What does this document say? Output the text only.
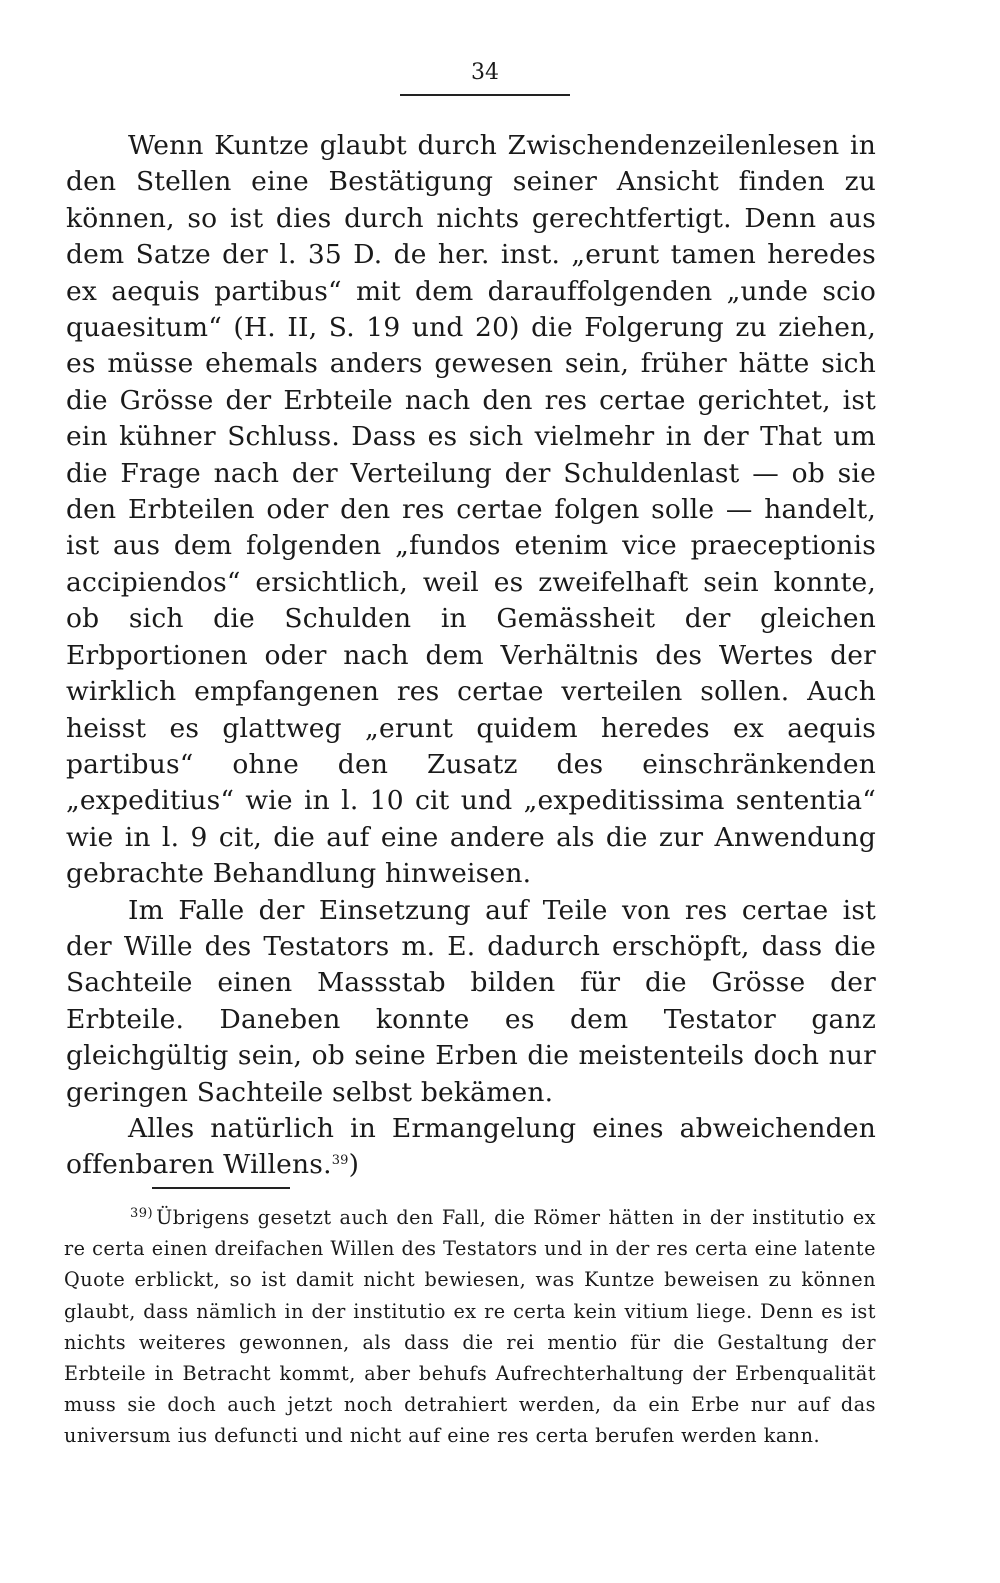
34

Wenn Kuntze glaubt durch Zwischendenzeilenlesen in den Stellen eine Bestätigung seiner Ansicht finden zu können, so ist dies durch nichts gerechtfertigt. Denn aus dem Satze der l. 35 D. de her. inst. „erunt tamen heredes ex aequis partibus“ mit dem darauffolgenden „unde scio quaesitum“ (H. II, S. 19 und 20) die Folgerung zu ziehen, es müsse ehemals anders gewesen sein, früher hätte sich die Grösse der Erbteile nach den res certae gerichtet, ist ein kühner Schluss. Dass es sich vielmehr in der That um die Frage nach der Verteilung der Schuldenlast — ob sie den Erbteilen oder den res certae folgen solle — handelt, ist aus dem folgenden „fundos etenim vice praeceptionis accipiendos“ ersichtlich, weil es zweifelhaft sein konnte, ob sich die Schulden in Gemässheit der gleichen Erbportionen oder nach dem Verhältnis des Wertes der wirklich empfangenen res certae verteilen sollen. Auch heisst es glattweg „erunt quidem heredes ex aequis partibus“ ohne den Zusatz des einschränkenden „expeditius“ wie in l. 10 cit und „expeditissima sententia“ wie in l. 9 cit, die auf eine andere als die zur Anwendung gebrachte Behandlung hinweisen.

Im Falle der Einsetzung auf Teile von res certae ist der Wille des Testators m. E. dadurch erschöpft, dass die Sachteile einen Massstab bilden für die Grösse der Erbteile. Daneben konnte es dem Testator ganz gleichgültig sein, ob seine Erben die meistenteils doch nur geringen Sachteile selbst bekämen.

Alles natürlich in Ermangelung eines abweichenden offenbaren Willens.$^{39}$)

$^{39)}$ Übrigens gesetzt auch den Fall, die Römer hätten in der institutio ex re certa einen dreifachen Willen des Testators und in der res certa eine latente Quote erblickt, so ist damit nicht bewiesen, was Kuntze beweisen zu können glaubt, dass nämlich in der institutio ex re certa kein vitium liege. Denn es ist nichts weiteres gewonnen, als dass die rei mentio für die Gestaltung der Erbteile in Betracht kommt, aber behufs Aufrechterhaltung der Erbenqualität muss sie doch auch jetzt noch detrahiert werden, da ein Erbe nur auf das universum ius defuncti und nicht auf eine res certa berufen werden kann.
